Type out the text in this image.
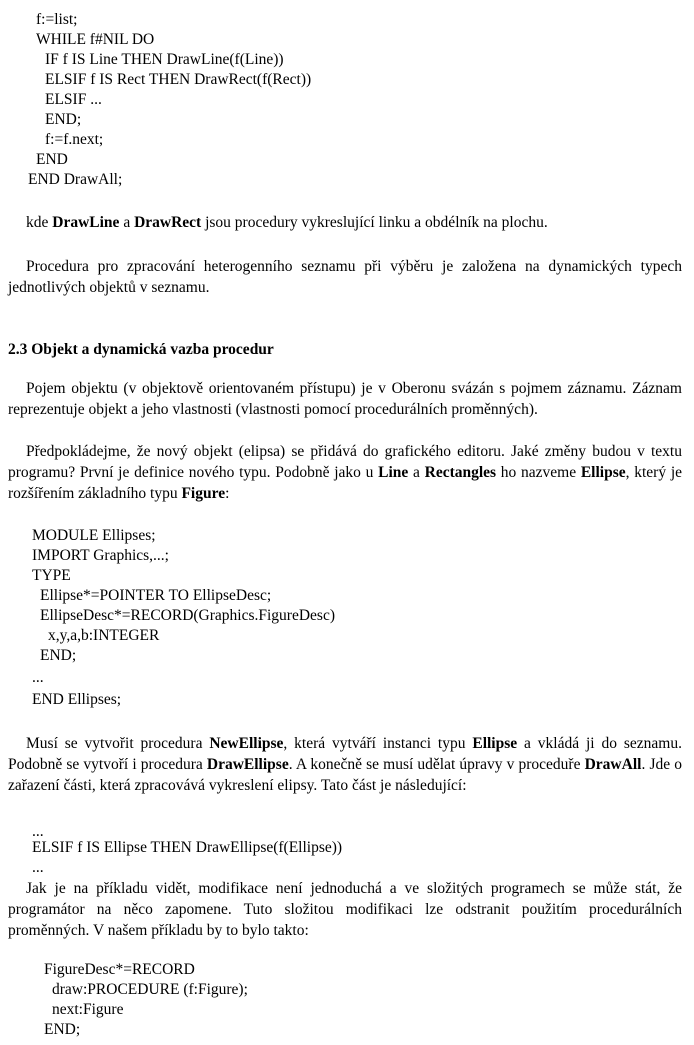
f:=list;
WHILE f#NIL DO
IF f IS Line THEN DrawLine(f(Line))
ELSIF f IS Rect THEN DrawRect(f(Rect))
ELSIF ...
END;
f:=f.next;
END
END DrawAll;
kde DrawLine a DrawRect jsou procedury vykreslující linku a obdélník na plochu.
Procedura pro zpracování heterogenního seznamu při výběru je založena na dynamických typech jednotlivých objektů v seznamu.
2.3 Objekt a dynamická vazba procedur
Pojem objektu (v objektově orientovaném přístupu) je v Oberonu svázán s pojmem záznamu. Záznam reprezentuje objekt a jeho vlastnosti (vlastnosti pomocí procedurálních proměnných).
Předpokládejme, že nový objekt (elipsa) se přidává do grafického editoru. Jaké změny budou v textu programu? První je definice nového typu. Podobně jako u Line a Rectangles ho nazveme Ellipse, který je rozšířením základního typu Figure:
MODULE Ellipses;
IMPORT Graphics,...;
TYPE
Ellipse*=POINTER TO EllipseDesc;
EllipseDesc*=RECORD(Graphics.FigureDesc)
x,y,a,b:INTEGER
END;
...
END Ellipses;
Musí se vytvořit procedura NewEllipse, která vytváří instanci typu Ellipse a vkládá ji do seznamu. Podobně se vytvoří i procedura DrawEllipse. A konečně se musí udělat úpravy v proceduře DrawAll. Jde o zařazení části, která zpracovává vykreslení elipsy. Tato část je následující:
...
ELSIF f IS Ellipse THEN DrawEllipse(f(Ellipse))
...
Jak je na příkladu vidět, modifikace není jednoduchá a ve složitých programech se může stát, že programátor na něco zapomene. Tuto složitou modifikaci lze odstranit použitím procedurálních proměnných. V našem příkladu by to bylo takto:
FigureDesc*=RECORD
draw:PROCEDURE (f:Figure);
next:Figure
END;
